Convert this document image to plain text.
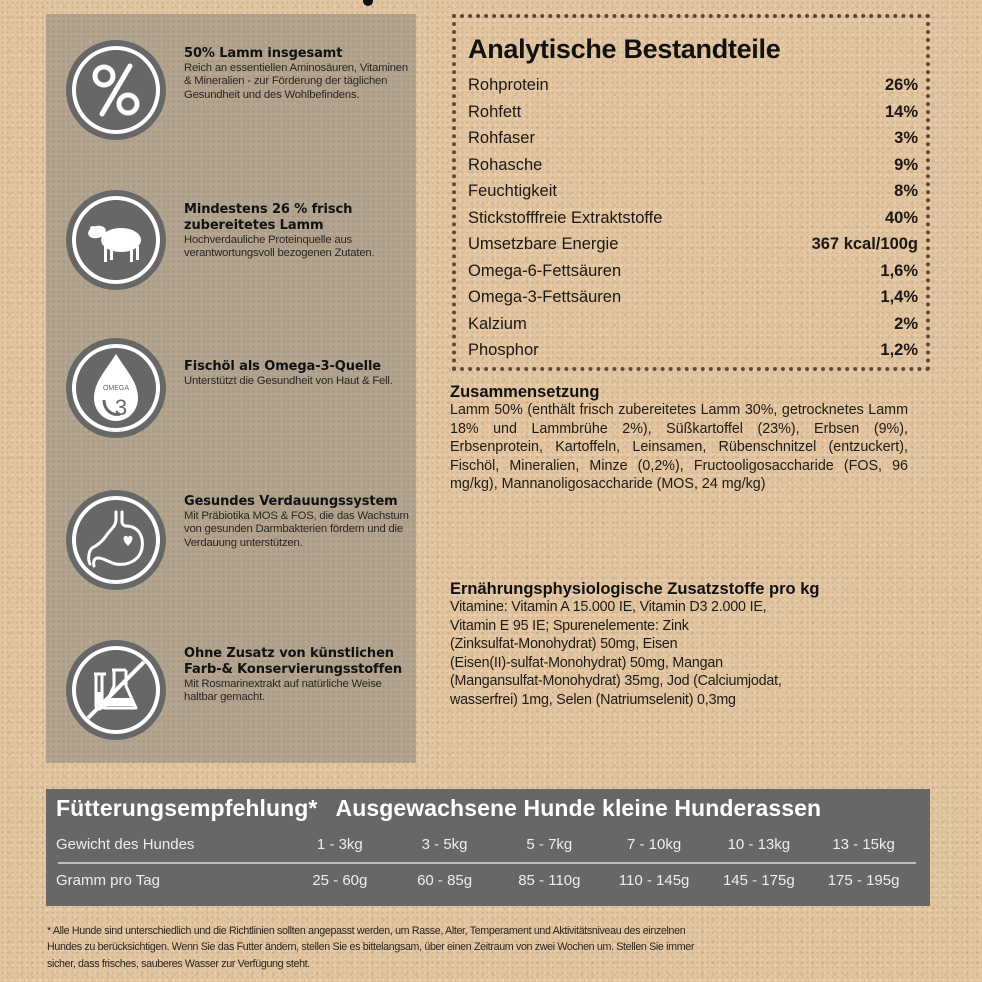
50% Lamm insgesamt

Reich an essentiellen Aminosäuren, Vitaminen & Mineralien - zur Förderung der täglichen Gesundheit und des Wohlbefindens.

Mindestens 26 % frisch zubereitetes Lamm

Hochverdauliche Proteinquelle aus verantwortungsvoll bezogenen Zutaten.

OMEGA
3
Fischöl als Omega-3-Quelle

Unterstützt die Gesundheit von Haut & Fell.

Gesundes Verdauungssystem

Mit Präbiotika MOS & FOS, die das Wachstum von gesunden Darmbakterien fördern und die Verdauung unterstützen.

Ohne Zusatz von künstlichen Farb-& Konservierungsstoffen

Mit Rosmarinextrakt auf natürliche Weise haltbar gemacht.

Analytische Bestandteile
Rohprotein	26%
Rohfett	14%
Rohfaser	3%
Rohasche	9%
Feuchtigkeit	8%
Stickstofffreie Extraktstoffe	40%
Umsetzbare Energie	367 kcal/100g
Omega-6-Fettsäuren	1,6%
Omega-3-Fettsäuren	1,4%
Kalzium	2%
Phosphor	1,2%
Zusammensetzung

Lamm 50% (enthält frisch zubereitetes Lamm 30%, getrocknetes Lamm 18% und Lammbrühe 2%), Süßkartoffel (23%), Erbsen (9%), Erbsenprotein, Kartoffeln, Leinsamen, Rübenschnitzel (entzuckert), Fischöl, Mineralien, Minze (0,2%), Fructooligosaccharide (FOS, 96 mg/kg), Mannanoligosaccharide (MOS, 24 mg/kg)

Ernährungsphysiologische Zusatzstoffe pro kg

Vitamine: Vitamin A 15.000 IE, Vitamin D3 2.000 IE,
Vitamin E 95 IE; Spurenelemente: Zink
(Zinksulfat-Monohydrat) 50mg, Eisen
(Eisen(II)-sulfat-Monohydrat) 50mg, Mangan
(Mangansulfat-Monohydrat) 35mg, Jod (Calciumjodat,
wasserfrei) 1mg, Selen (Natriumselenit) 0,3mg

Fütterungsempfehlung* Ausgewachsene Hunde kleine Hunderassen
Gewicht des Hundes	1 - 3kg	3 - 5kg	5 - 7kg	7 - 10kg	10 - 13kg	13 - 15kg
Gramm pro Tag	25 - 60g	60 - 85g	85 - 110g	110 - 145g	145 - 175g	175 - 195g
* Alle Hunde sind unterschiedlich und die Richtlinien sollten angepasst werden, um Rasse, Alter, Temperament und Aktivitätsniveau des einzelnen
Hundes zu berücksichtigen. Wenn Sie das Futter ändern, stellen Sie es bittelangsam, über einen Zeitraum von zwei Wochen um. Stellen Sie immer
sicher, dass frisches, sauberes Wasser zur Verfügung steht.
